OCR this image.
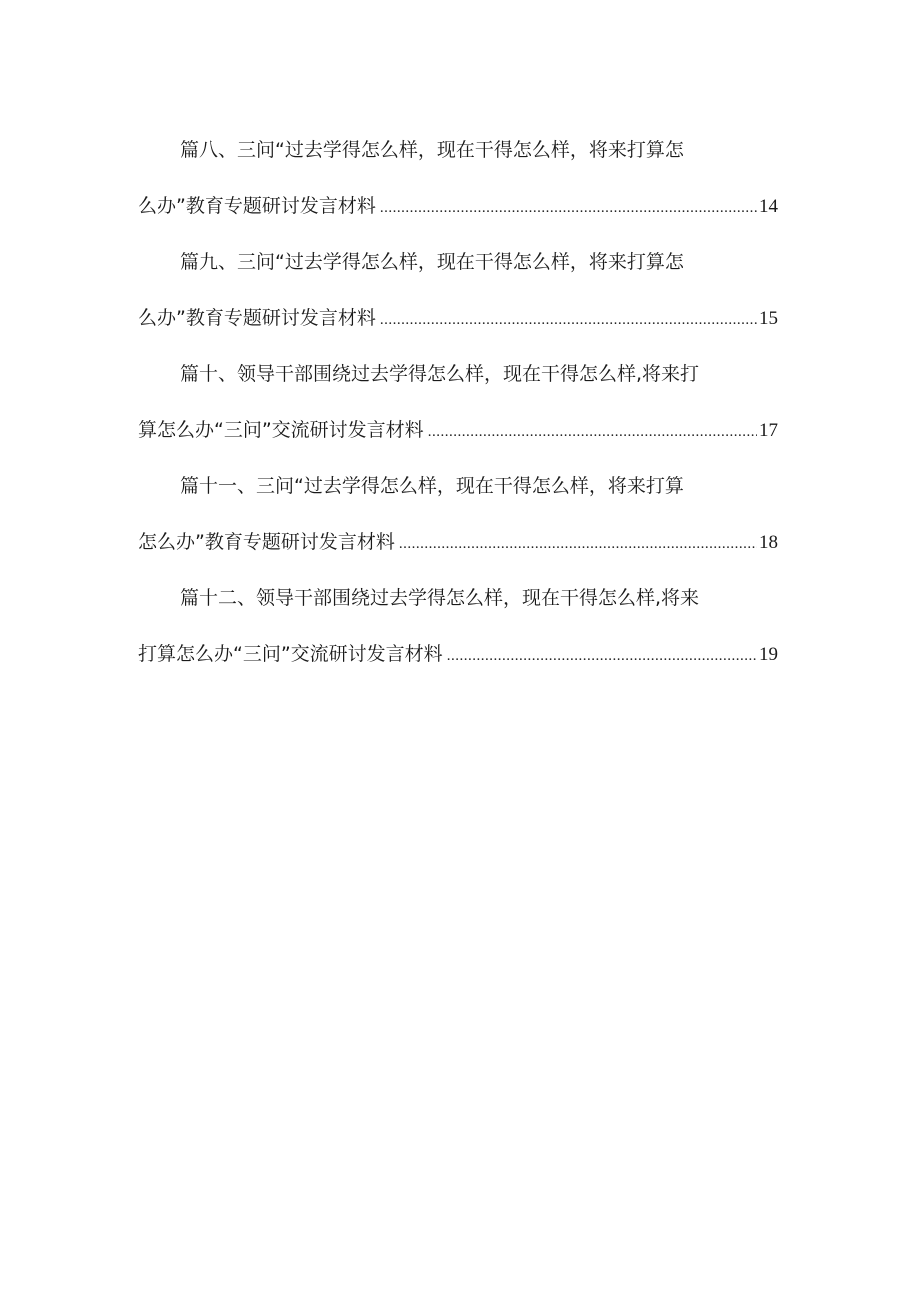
篇八、三问“过去学得怎么样，现在干得怎么样，将来打算怎
么办”教育专题研讨发言材料 .....	14
篇九、三问“过去学得怎么样，现在干得怎么样，将来打算怎
么办”教育专题研讨发言材料 .....	15
篇十、领导干部围绕过去学得怎么样，现在干得怎么样,将来打
算怎么办“三问”交流研讨发言材料 .....	17
篇十一、三问“过去学得怎么样，现在干得怎么样，将来打算
怎么办”教育专题研讨发言材料 .....	18
篇十二、领导干部围绕过去学得怎么样，现在干得怎么样,将来
打算怎么办“三问”交流研讨发言材料 .....	19
